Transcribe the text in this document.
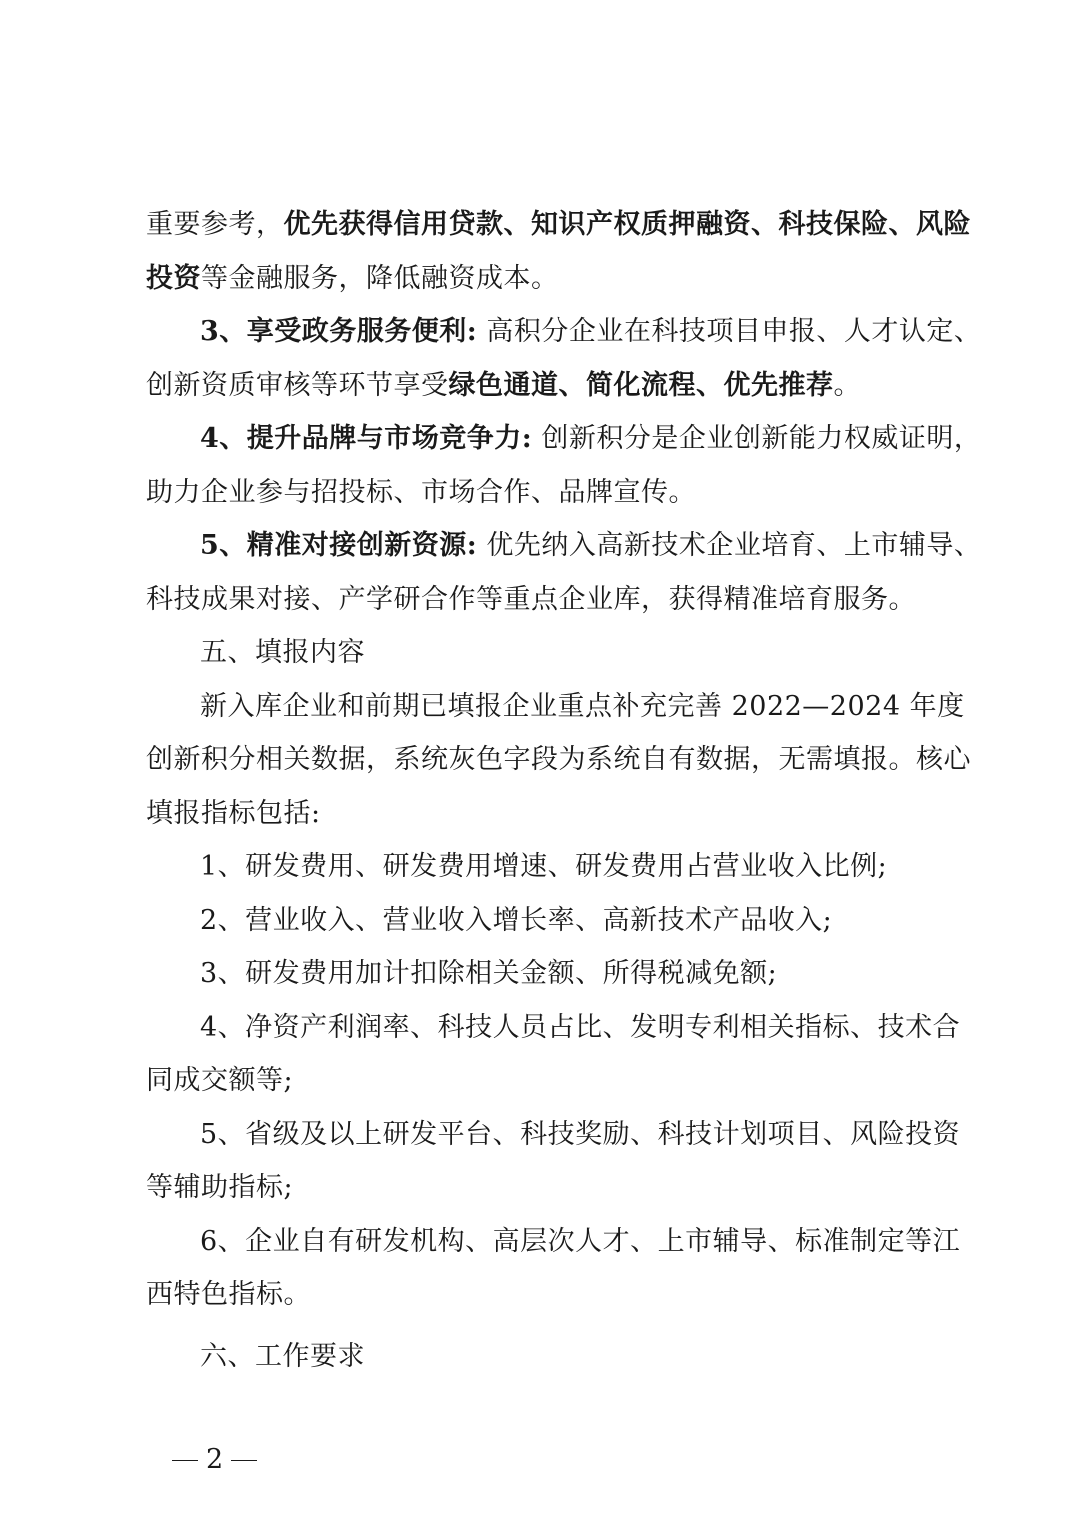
重要参考，优先获得信用贷款、知识产权质押融资、科技保险、风险
投资等金融服务，降低融资成本。
3、享受政务服务便利: 高积分企业在科技项目申报、人才认定、
创新资质审核等环节享受绿色通道、简化流程、优先推荐。
4、提升品牌与市场竞争力: 创新积分是企业创新能力权威证明，
助力企业参与招投标、市场合作、品牌宣传。
5、精准对接创新资源: 优先纳入高新技术企业培育、上市辅导、
科技成果对接、产学研合作等重点企业库，获得精准培育服务。
五、填报内容
新入库企业和前期已填报企业重点补充完善 2022—2024 年度
创新积分相关数据，系统灰色字段为系统自有数据，无需填报。核心
填报指标包括:
1、研发费用、研发费用增速、研发费用占营业收入比例;
2、营业收入、营业收入增长率、高新技术产品收入;
3、研发费用加计扣除相关金额、所得税减免额;
4、净资产利润率、科技人员占比、发明专利相关指标、技术合
同成交额等;
5、省级及以上研发平台、科技奖励、科技计划项目、风险投资
等辅助指标;
6、企业自有研发机构、高层次人才、上市辅导、标准制定等江
西特色指标。
六、工作要求
2
